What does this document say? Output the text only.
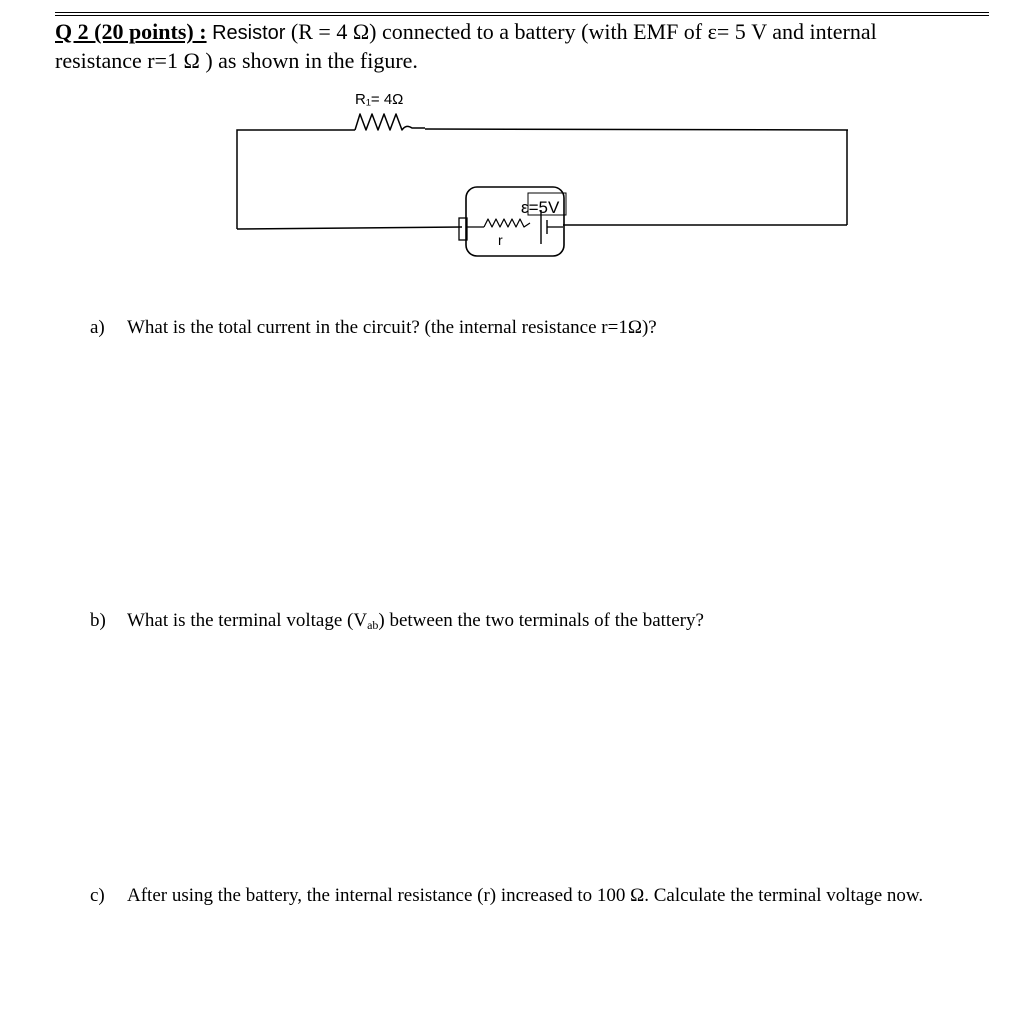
Q 2 (20 points) : Resistor (R = 4 Ω) connected to a battery (with EMF of ε= 5 V and internal
resistance r=1 Ω ) as shown in the figure.
R₁= 4Ω
r
ε=5V
a)	What is the total current in the circuit? (the internal resistance r=1Ω)?
b)	What is the terminal voltage $(V_{ab})$ between the two terminals of the battery?
c)	After using the battery, the internal resistance (r) increased to 100 Ω. Calculate the terminal voltage now.
